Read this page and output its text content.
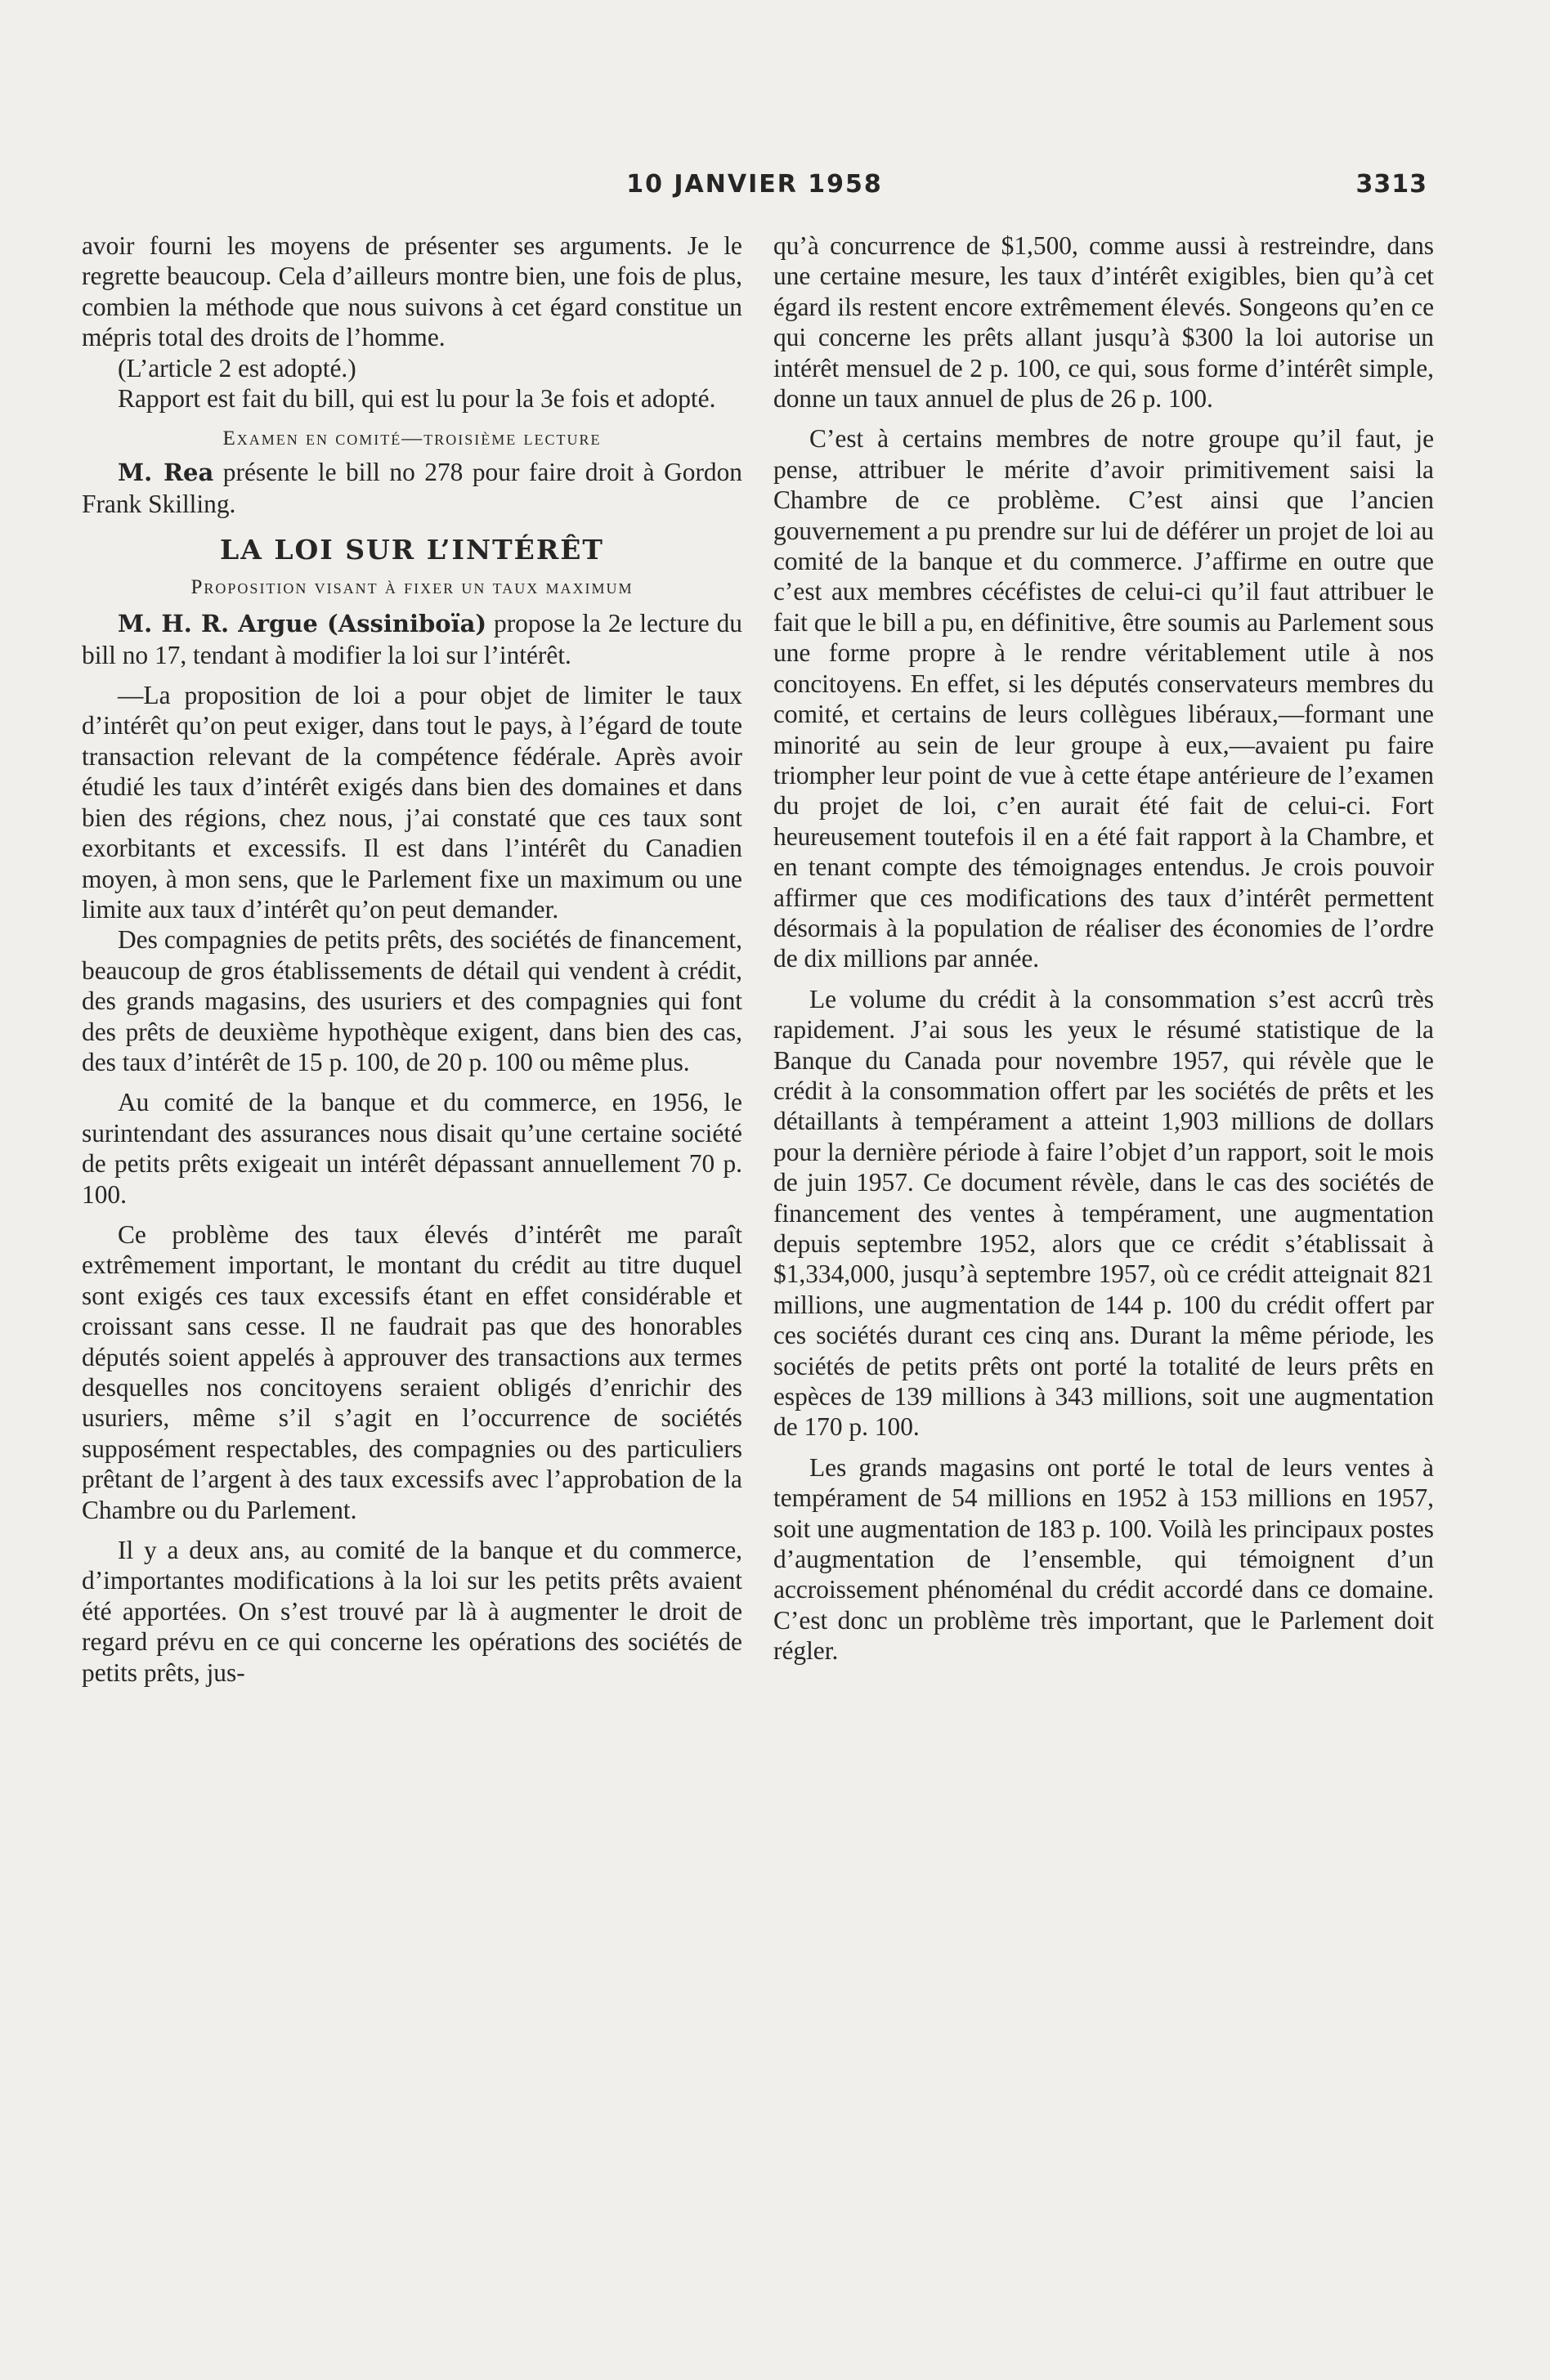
10 JANVIER 1958	3313

avoir fourni les moyens de présenter ses arguments. Je le regrette beaucoup. Cela d’ailleurs montre bien, une fois de plus, combien la méthode que nous suivons à cet égard constitue un mépris total des droits de l’homme.

(L’article 2 est adopté.)

Rapport est fait du bill, qui est lu pour la 3e fois et adopté.

Examen en comité—troisième lecture

M. Rea présente le bill no 278 pour faire droit à Gordon Frank Skilling.

LA LOI SUR L’INTÉRÊT
Proposition visant à fixer un taux maximum

M. H. R. Argue (Assiniboïa) propose la 2e lecture du bill no 17, tendant à modifier la loi sur l’intérêt.

—La proposition de loi a pour objet de limiter le taux d’intérêt qu’on peut exiger, dans tout le pays, à l’égard de toute transaction relevant de la compétence fédérale. Après avoir étudié les taux d’intérêt exigés dans bien des domaines et dans bien des régions, chez nous, j’ai constaté que ces taux sont exorbitants et excessifs. Il est dans l’intérêt du Canadien moyen, à mon sens, que le Parlement fixe un maximum ou une limite aux taux d’intérêt qu’on peut demander.

Des compagnies de petits prêts, des sociétés de financement, beaucoup de gros établissements de détail qui vendent à crédit, des grands magasins, des usuriers et des compagnies qui font des prêts de deuxième hypothèque exigent, dans bien des cas, des taux d’intérêt de 15 p. 100, de 20 p. 100 ou même plus.

Au comité de la banque et du commerce, en 1956, le surintendant des assurances nous disait qu’une certaine société de petits prêts exigeait un intérêt dépassant annuellement 70 p. 100.

Ce problème des taux élevés d’intérêt me paraît extrêmement important, le montant du crédit au titre duquel sont exigés ces taux excessifs étant en effet considérable et croissant sans cesse. Il ne faudrait pas que des honorables députés soient appelés à approuver des transactions aux termes desquelles nos concitoyens seraient obligés d’enrichir des usuriers, même s’il s’agit en l’occurrence de sociétés supposément respectables, des compagnies ou des particuliers prêtant de l’argent à des taux excessifs avec l’approbation de la Chambre ou du Parlement.

Il y a deux ans, au comité de la banque et du commerce, d’importantes modifications à la loi sur les petits prêts avaient été apportées. On s’est trouvé par là à augmenter le droit de regard prévu en ce qui concerne les opérations des sociétés de petits prêts, jus-

qu’à concurrence de $1,500, comme aussi à restreindre, dans une certaine mesure, les taux d’intérêt exigibles, bien qu’à cet égard ils restent encore extrêmement élevés. Songeons qu’en ce qui concerne les prêts allant jusqu’à $300 la loi autorise un intérêt mensuel de 2 p. 100, ce qui, sous forme d’intérêt simple, donne un taux annuel de plus de 26 p. 100.

C’est à certains membres de notre groupe qu’il faut, je pense, attribuer le mérite d’avoir primitivement saisi la Chambre de ce problème. C’est ainsi que l’ancien gouvernement a pu prendre sur lui de déférer un projet de loi au comité de la banque et du commerce. J’affirme en outre que c’est aux membres cécéfistes de celui-ci qu’il faut attribuer le fait que le bill a pu, en définitive, être soumis au Parlement sous une forme propre à le rendre véritablement utile à nos concitoyens. En effet, si les députés conservateurs membres du comité, et certains de leurs collègues libéraux,—formant une minorité au sein de leur groupe à eux,—avaient pu faire triompher leur point de vue à cette étape antérieure de l’examen du projet de loi, c’en aurait été fait de celui-ci. Fort heureusement toutefois il en a été fait rapport à la Chambre, et en tenant compte des témoignages entendus. Je crois pouvoir affirmer que ces modifications des taux d’intérêt permettent désormais à la population de réaliser des économies de l’ordre de dix millions par année.

Le volume du crédit à la consommation s’est accrû très rapidement. J’ai sous les yeux le résumé statistique de la Banque du Canada pour novembre 1957, qui révèle que le crédit à la consommation offert par les sociétés de prêts et les détaillants à tempérament a atteint 1,903 millions de dollars pour la dernière période à faire l’objet d’un rapport, soit le mois de juin 1957. Ce document révèle, dans le cas des sociétés de financement des ventes à tempérament, une augmentation depuis septembre 1952, alors que ce crédit s’établissait à $1,334,000, jusqu’à septembre 1957, où ce crédit atteignait 821 millions, une augmentation de 144 p. 100 du crédit offert par ces sociétés durant ces cinq ans. Durant la même période, les sociétés de petits prêts ont porté la totalité de leurs prêts en espèces de 139 millions à 343 millions, soit une augmentation de 170 p. 100.

Les grands magasins ont porté le total de leurs ventes à tempérament de 54 millions en 1952 à 153 millions en 1957, soit une augmentation de 183 p. 100. Voilà les principaux postes d’augmentation de l’ensemble, qui témoignent d’un accroissement phénoménal du crédit accordé dans ce domaine. C’est donc un problème très important, que le Parlement doit régler.
